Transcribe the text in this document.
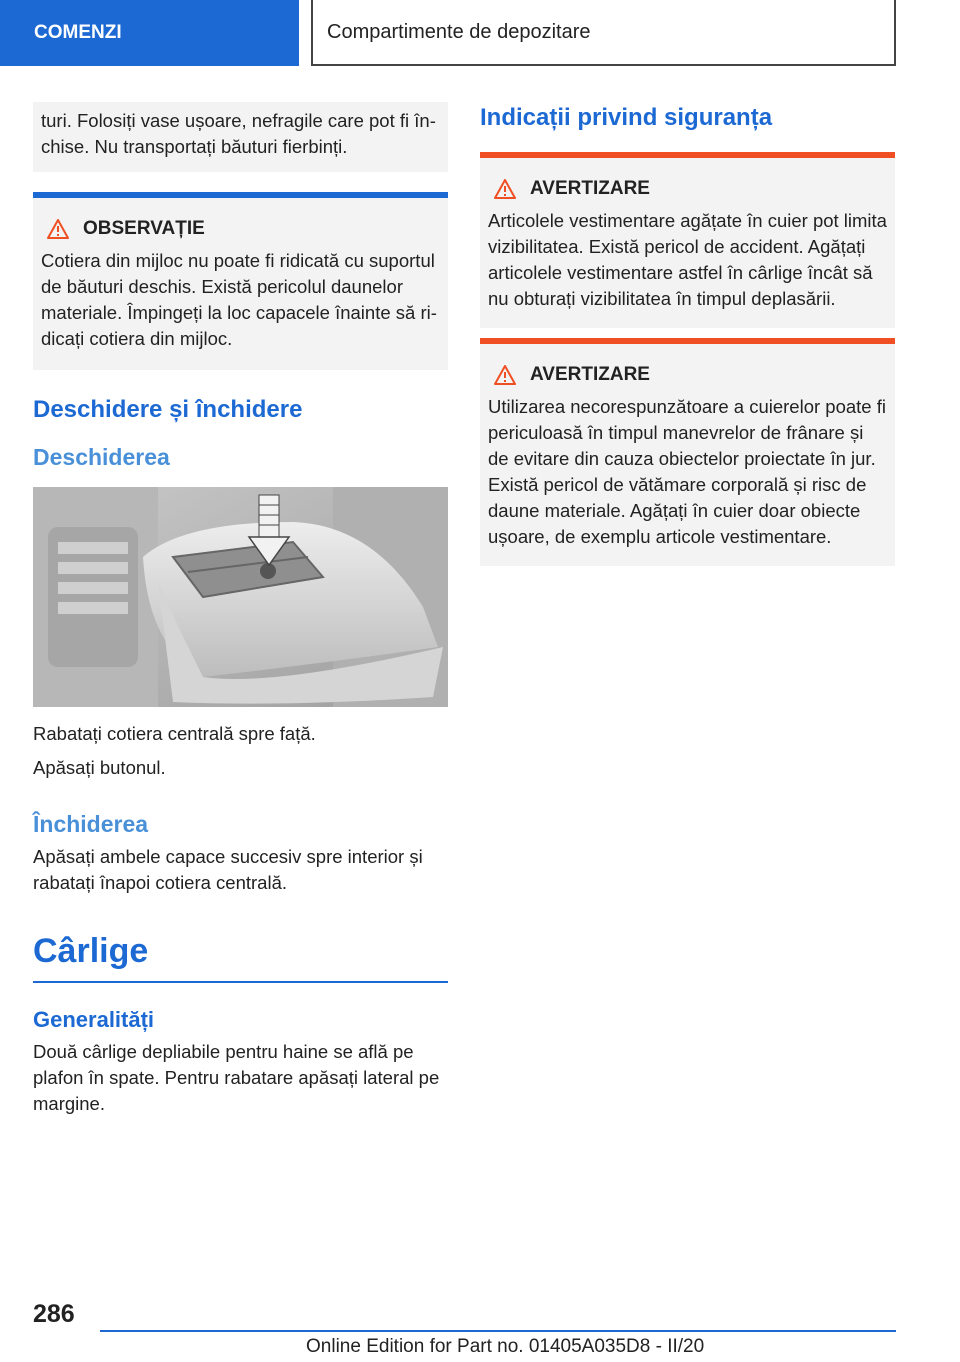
COMENZI	Compartimente de depozitare

turi. Folosiți vase ușoare, nefragile care pot fi închise. Nu transportați băuturi fierbinți.

OBSERVAȚIE

Cotiera din mijloc nu poate fi ridicată cu suportul de băuturi deschis. Există pericolul daunelor materiale. Împingeți la loc capacele înainte să ridicați cotiera din mijloc.

Deschidere și închidere
Deschiderea

Rabatați cotiera centrală spre față.

Apăsați butonul.

Închiderea

Apăsați ambele capace succesiv spre interior și rabatați înapoi cotiera centrală.

Cârlige
Generalități

Două cârlige depliabile pentru haine se află pe plafon în spate. Pentru rabatare apăsați lateral pe margine.

Indicații privind siguranța
AVERTIZARE

Articolele vestimentare agățate în cuier pot limita vizibilitatea. Există pericol de accident. Agățați articolele vestimentare astfel în cârlige încât să nu obturați vizibilitatea în timpul deplasării.

AVERTIZARE

Utilizarea necorespunzătoare a cuierelor poate fi periculoasă în timpul manevrelor de frânare și de evitare din cauza obiectelor proiectate în jur. Există pericol de vătămare corporală și risc de daune materiale. Agățați în cuier doar obiecte ușoare, de exemplu articole vestimentare.

286
Online Edition for Part no. 01405A035D8 - II/20
